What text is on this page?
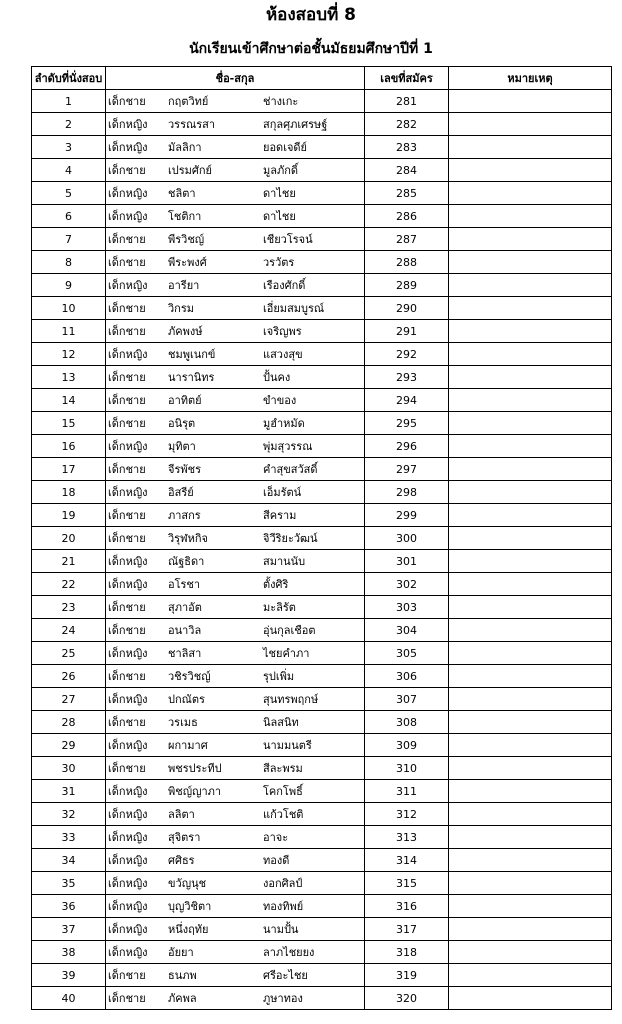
ห้องสอบที่ 8
นักเรียนเข้าศึกษาต่อชั้นมัธยมศึกษาปีที่ 1
ลำดับที่นั่งสอบ	ชื่อ-สกุล	เลขที่สมัคร	หมายเหตุ
1	เด็กชาย กฤตวิทย์ ช่างเกะ	281	
2	เด็กหญิง วรรณรสา สกุลศุภเศรษฐ์	282	
3	เด็กหญิง มัลลิกา ยอดเจดีย์	283	
4	เด็กชาย เปรมศักย์ มูลภักดิ์	284	
5	เด็กหญิง ชลิตา ดาไชย	285	
6	เด็กหญิง โชติกา ดาไชย	286	
7	เด็กชาย พีรวิชญ์ เชียวโรจน์	287	
8	เด็กชาย พีระพงศ์ วรวัตร	288	
9	เด็กหญิง อารียา เรืองศักดิ์	289	
10	เด็กชาย วิกรม เอี่ยมสมบูรณ์	290	
11	เด็กชาย ภัคพงษ์ เจริญพร	291	
12	เด็กหญิง ชมพูเนกข์ แสวงสุข	292	
13	เด็กชาย นารานิทร ปั้นคง	293	
14	เด็กชาย อาทิตย์ ขำของ	294	
15	เด็กชาย อนิรุต มูฮำหมัด	295	
16	เด็กหญิง มุทิตา พุ่มสุวรรณ	296	
17	เด็กชาย จีรพัชร คำสุขสวัสดิ์	297	
18	เด็กหญิง อิสรีย์ เอ็มรัตน์	298	
19	เด็กชาย ภาสกร สีคราม	299	
20	เด็กชาย วิรุฬหกิจ จิวีริยะวัฒน์	300	
21	เด็กหญิง ณัฐธิดา สมานนับ	301	
22	เด็กหญิง อโรชา ตั้งศิริ	302	
23	เด็กชาย สุภาอัต มะลิรัต	303	
24	เด็กชาย อนาวิล อุ่นกุลเชือต	304	
25	เด็กหญิง ชาลิสา ไชยคำภา	305	
26	เด็กชาย วชิรวิชญ์ รุปเพิ่ม	306	
27	เด็กหญิง ปกณัตร สุนทรพฤกษ์	307	
28	เด็กชาย วรเมธ นิลสนิท	308	
29	เด็กหญิง ผกามาศ นามมนตรี	309	
30	เด็กชาย พชรประทีป สีละพรม	310	
31	เด็กหญิง พิชญ์ญาภา โคกโพธิ์	311	
32	เด็กหญิง ลลิตา แก้วโชติ	312	
33	เด็กหญิง สุจิตรา อาจะ	313	
34	เด็กหญิง ศศิธร ทองดี	314	
35	เด็กหญิง ขวัญนุช งอกศิลป์	315	
36	เด็กหญิง บุญวิชิตา ทองทิพย์	316	
37	เด็กหญิง หนึ่งฤทัย นามปั้น	317	
38	เด็กหญิง อัยยา ลาภไชยยง	318	
39	เด็กชาย ธนภพ ศรีอะไชย	319	
40	เด็กชาย ภัคพล ภูษาทอง	320	
